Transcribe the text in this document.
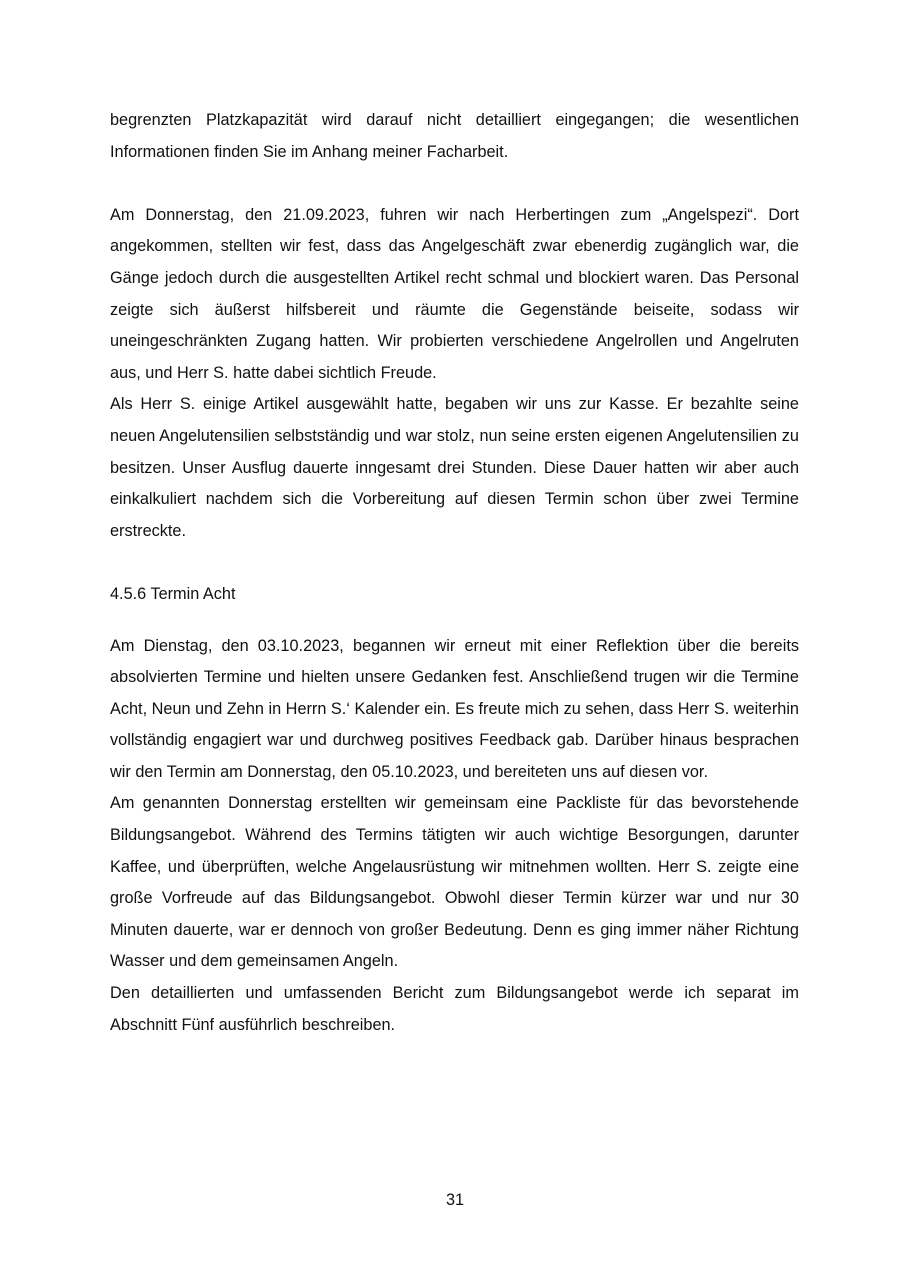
begrenzten Platzkapazität wird darauf nicht detailliert eingegangen; die wesentlichen Informationen finden Sie im Anhang meiner Facharbeit.

Am Donnerstag, den 21.09.2023, fuhren wir nach Herbertingen zum „Angelspezi“. Dort angekommen, stellten wir fest, dass das Angelgeschäft zwar ebenerdig zugänglich war, die Gänge jedoch durch die ausgestellten Artikel recht schmal und blockiert waren. Das Personal zeigte sich äußerst hilfsbereit und räumte die Gegenstände beiseite, sodass wir uneingeschränkten Zugang hatten. Wir probierten verschiedene Angelrollen und Angelruten aus, und Herr S. hatte dabei sichtlich Freude.

Als Herr S. einige Artikel ausgewählt hatte, begaben wir uns zur Kasse. Er bezahlte seine neuen Angelutensilien selbstständig und war stolz, nun seine ersten eigenen Angelutensilien zu besitzen. Unser Ausflug dauerte inngesamt drei Stunden. Diese Dauer hatten wir aber auch einkalkuliert nachdem sich die Vorbereitung auf diesen Termin schon über zwei Termine erstreckte.

4.5.6 Termin Acht

Am Dienstag, den 03.10.2023, begannen wir erneut mit einer Reflektion über die bereits absolvierten Termine und hielten unsere Gedanken fest. Anschließend trugen wir die Termine Acht, Neun und Zehn in Herrn S.‘ Kalender ein. Es freute mich zu sehen, dass Herr S. weiterhin vollständig engagiert war und durchweg positives Feedback gab. Darüber hinaus besprachen wir den Termin am Donnerstag, den 05.10.2023, und bereiteten uns auf diesen vor.

Am genannten Donnerstag erstellten wir gemeinsam eine Packliste für das bevorstehende Bildungsangebot. Während des Termins tätigten wir auch wichtige Besorgungen, darunter Kaffee, und überprüften, welche Angelausrüstung wir mitnehmen wollten. Herr S. zeigte eine große Vorfreude auf das Bildungsangebot. Obwohl dieser Termin kürzer war und nur 30 Minuten dauerte, war er dennoch von großer Bedeutung. Denn es ging immer näher Richtung Wasser und dem gemeinsamen Angeln.

Den detaillierten und umfassenden Bericht zum Bildungsangebot werde ich separat im Abschnitt Fünf ausführlich beschreiben.

31
